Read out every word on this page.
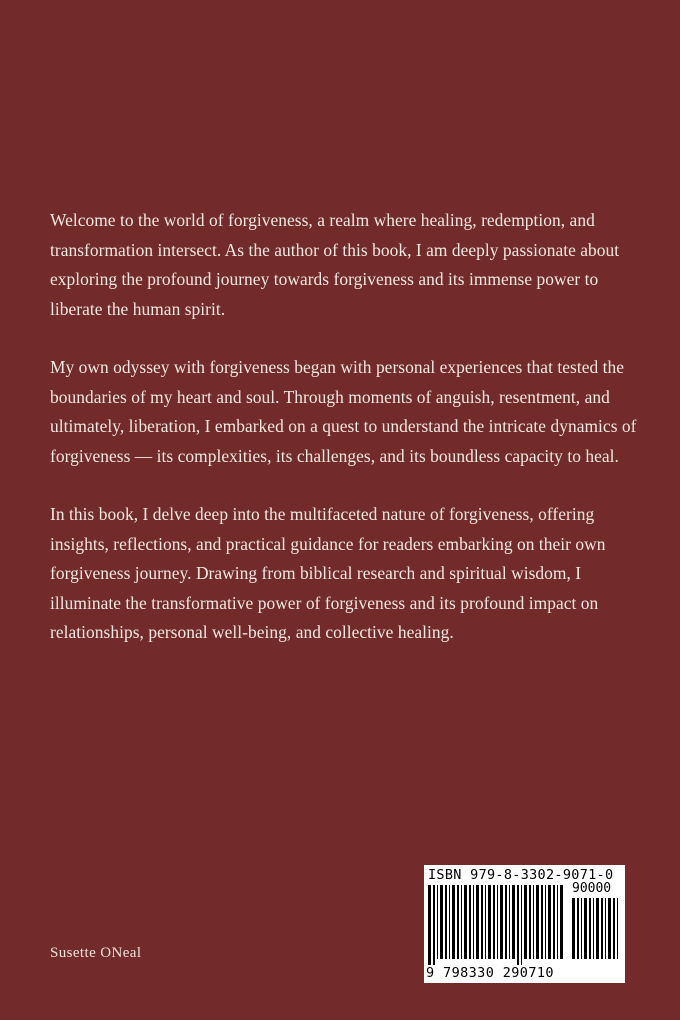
Welcome to the world of forgiveness, a realm where healing, redemption, and transformation intersect. As the author of this book, I am deeply passionate about exploring the profound journey towards forgiveness and its immense power to liberate the human spirit.

My own odyssey with forgiveness began with personal experiences that tested the boundaries of my heart and soul. Through moments of anguish, resentment, and ultimately, liberation, I embarked on a quest to understand the intricate dynamics of forgiveness — its complexities, its challenges, and its boundless capacity to heal.

In this book, I delve deep into the multifaceted nature of forgiveness, offering insights, reflections, and practical guidance for readers embarking on their own forgiveness journey. Drawing from biblical research and spiritual wisdom, I illuminate the transformative power of forgiveness and its profound impact on relationships, personal well-being, and collective healing.

Susette ONeal
ISBN 979-8-3302-9071-0
90000
9 798330 290710
